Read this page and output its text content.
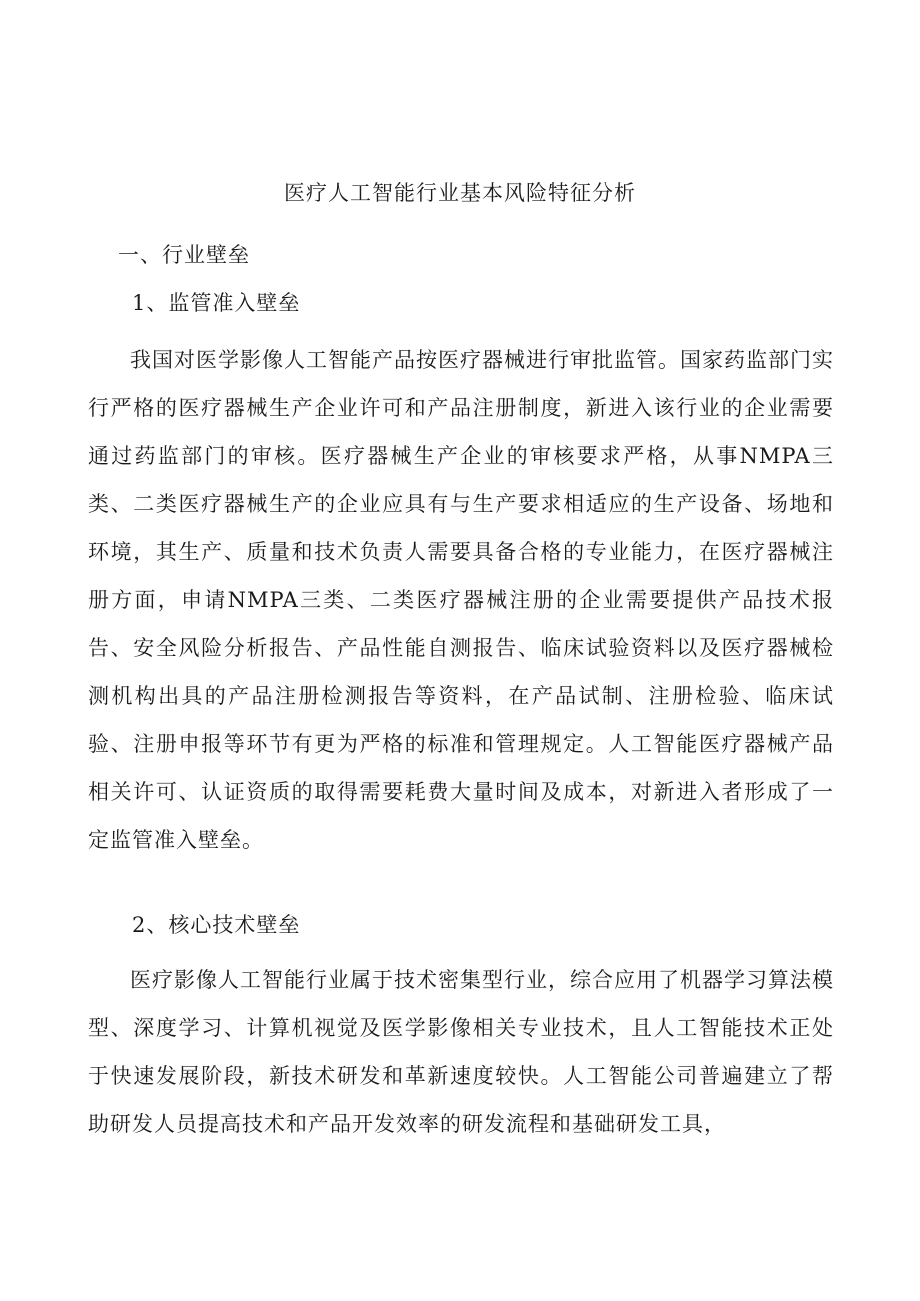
医疗人工智能行业基本风险特征分析
一、行业壁垒
1、监管准入壁垒

我国对医学影像人工智能产品按医疗器械进行审批监管。国家药监部门实行严格的医疗器械生产企业许可和产品注册制度，新进入该行业的企业需要通过药监部门的审核。医疗器械生产企业的审核要求严格，从事NMPA三类、二类医疗器械生产的企业应具有与生产要求相适应的生产设备、场地和环境，其生产、质量和技术负责人需要具备合格的专业能力，在医疗器械注册方面，申请NMPA三类、二类医疗器械注册的企业需要提供产品技术报告、安全风险分析报告、产品性能自测报告、临床试验资料以及医疗器械检测机构出具的产品注册检测报告等资料，在产品试制、注册检验、临床试验、注册申报等环节有更为严格的标准和管理规定。人工智能医疗器械产品相关许可、认证资质的取得需要耗费大量时间及成本，对新进入者形成了一定监管准入壁垒。

2、核心技术壁垒

医疗影像人工智能行业属于技术密集型行业，综合应用了机器学习算法模型、深度学习、计算机视觉及医学影像相关专业技术，且人工智能技术正处于快速发展阶段，新技术研发和革新速度较快。人工智能公司普遍建立了帮助研发人员提高技术和产品开发效率的研发流程和基础研发工具，
